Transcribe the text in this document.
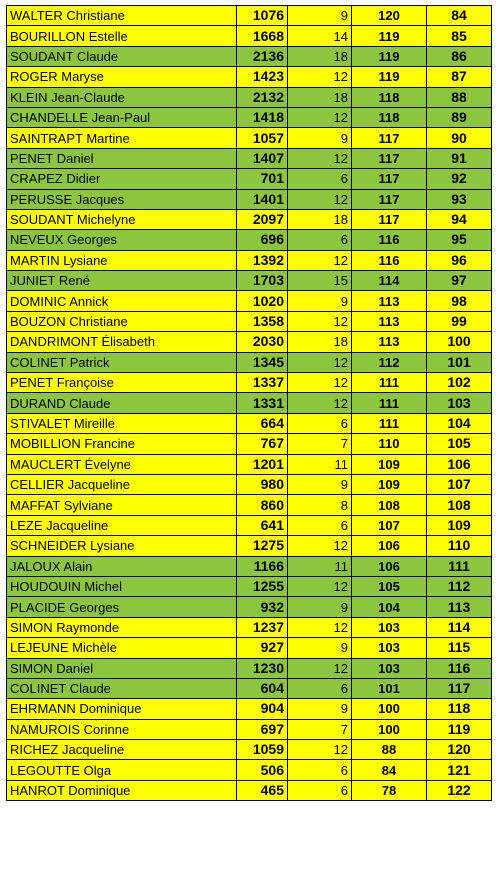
WALTER Christiane	1076	9	120	84
BOURILLON Estelle	1668	14	119	85
SOUDANT Claude	2136	18	119	86
ROGER Maryse	1423	12	119	87
KLEIN Jean-Claude	2132	18	118	88
CHANDELLE Jean-Paul	1418	12	118	89
SAINTRAPT Martine	1057	9	117	90
PENET Daniel	1407	12	117	91
CRAPEZ Didier	701	6	117	92
PERUSSE Jacques	1401	12	117	93
SOUDANT Michelyne	2097	18	117	94
NEVEUX Georges	696	6	116	95
MARTIN Lysiane	1392	12	116	96
JUNIET René	1703	15	114	97
DOMINIC Annick	1020	9	113	98
BOUZON Christiane	1358	12	113	99
DANDRIMONT Élisabeth	2030	18	113	100
COLINET Patrick	1345	12	112	101
PENET Françoise	1337	12	111	102
DURAND Claude	1331	12	111	103
STIVALET Mireille	664	6	111	104
MOBILLION Francine	767	7	110	105
MAUCLERT Évelyne	1201	11	109	106
CELLIER Jacqueline	980	9	109	107
MAFFAT Sylviane	860	8	108	108
LEZE Jacqueline	641	6	107	109
SCHNEIDER Lysiane	1275	12	106	110
JALOUX Alain	1166	11	106	111
HOUDOUIN Michel	1255	12	105	112
PLACIDE Georges	932	9	104	113
SIMON Raymonde	1237	12	103	114
LEJEUNE Michèle	927	9	103	115
SIMON Daniel	1230	12	103	116
COLINET Claude	604	6	101	117
EHRMANN Dominique	904	9	100	118
NAMUROIS Corinne	697	7	100	119
RICHEZ Jacqueline	1059	12	88	120
LEGOUTTE Olga	506	6	84	121
HANROT Dominique	465	6	78	122
